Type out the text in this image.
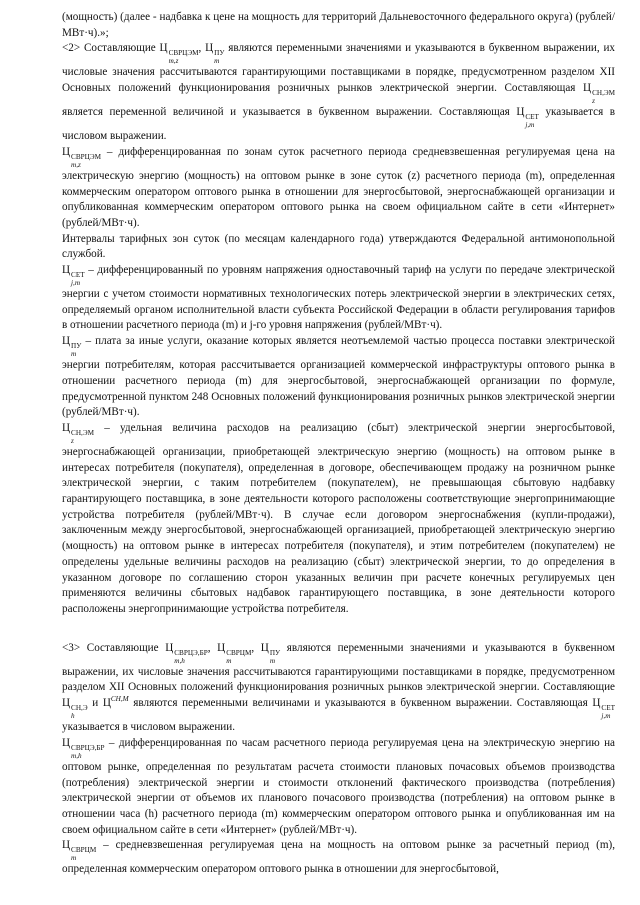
(мощность) (далее - надбавка к цене на мощность для территорий Дальневосточного федерального округа) (рублей/МВт·ч).»;

<2> Составляющие Ц СВРЦЭМ
m,z
, Ц ПУ
m
являются переменными значениями и указываются в буквенном выражении, их числовые значения рассчитываются гарантирующими поставщиками в порядке, предусмотренном разделом XII Основных положений функционирования розничных рынков электрической энергии. Составляющая Ц СН,ЭМ
z
является переменной величиной и указывается в буквенном выражении. Составляющая Ц СЕТ
j,m
указывается в числовом выражении.

Ц СВРЦЭМ
m,z
– дифференцированная по зонам суток расчетного периода средневзвешенная регулируемая цена на электрическую энергию (мощность) на оптовом рынке в зоне суток (z) расчетного периода (m), определенная коммерческим оператором оптового рынка в отношении для энергосбытовой, энергоснабжающей организации и опубликованная коммерческим оператором оптового рынка на своем официальном сайте в сети «Интернет» (рублей/МВт·ч).

Интервалы тарифных зон суток (по месяцам календарного года) утверждаются Федеральной антимонопольной службой.

Ц СЕТ
j,m
– дифференцированный по уровням напряжения одноставочный тариф на услуги по передаче электрической энергии с учетом стоимости нормативных технологических потерь электрической энергии в электрических сетях, определяемый органом исполнительной власти субъекта Российской Федерации в области регулирования тарифов в отношении расчетного периода (m) и j-го уровня напряжения (рублей/МВт·ч).

Ц ПУ
m
– плата за иные услуги, оказание которых является неотъемлемой частью процесса поставки электрической энергии потребителям, которая рассчитывается организацией коммерческой инфраструктуры оптового рынка в отношении расчетного периода (m) для энергосбытовой, энергоснабжающей организации по формуле, предусмотренной пунктом 248 Основных положений функционирования розничных рынков электрической энергии (рублей/МВт·ч).

Ц СН,ЭМ
z
– удельная величина расходов на реализацию (сбыт) электрической энергии энергосбытовой, энергоснабжающей организации, приобретающей электрическую энергию (мощность) на оптовом рынке в интересах потребителя (покупателя), определенная в договоре, обеспечивающем продажу на розничном рынке электрической энергии, с таким потребителем (покупателем), не превышающая сбытовую надбавку гарантирующего поставщика, в зоне деятельности которого расположены соответствующие энергопринимающие устройства потребителя (рублей/МВт·ч). В случае если договором энергоснабжения (купли-продажи), заключенным между энергосбытовой, энергоснабжающей организацией, приобретающей электрическую энергию (мощность) на оптовом рынке в интересах потребителя (покупателя), и этим потребителем (покупателем) не определены удельные величины расходов на реализацию (сбыт) электрической энергии, то до определения в указанном договоре по соглашению сторон указанных величин при расчете конечных регулируемых цен применяются величины сбытовых надбавок гарантирующего поставщика, в зоне деятельности которого расположены энергопринимающие устройства потребителя.

<3> Составляющие Ц СВРЦЭ,БР
m,h
, Ц СВРЦМ
m
, Ц ПУ
m
являются переменными значениями и указываются в буквенном выражении, их числовые значения рассчитываются гарантирующими поставщиками в порядке, предусмотренном разделом XII Основных положений функционирования розничных рынков электрической энергии. Составляющие Ц СН,Э
h
и $Ц^{СН,М}$ являются переменными величинами и указываются в буквенном выражении. Составляющая Ц СЕТ
j,m
указывается в числовом выражении.

Ц СВРЦЭ,БР
m,h
– дифференцированная по часам расчетного периода регулируемая цена на электрическую энергию на оптовом рынке, определенная по результатам расчета стоимости плановых почасовых объемов производства (потребления) электрической энергии и стоимости отклонений фактического производства (потребления) электрической энергии от объемов их планового почасового производства (потребления) на оптовом рынке в отношении часа (h) расчетного периода (m) коммерческим оператором оптового рынка и опубликованная им на своем официальном сайте в сети «Интернет» (рублей/МВт·ч).

Ц СВРЦМ
m
– средневзвешенная регулируемая цена на мощность на оптовом рынке за расчетный период (m), определенная коммерческим оператором оптового рынка в отношении для энергосбытовой,
